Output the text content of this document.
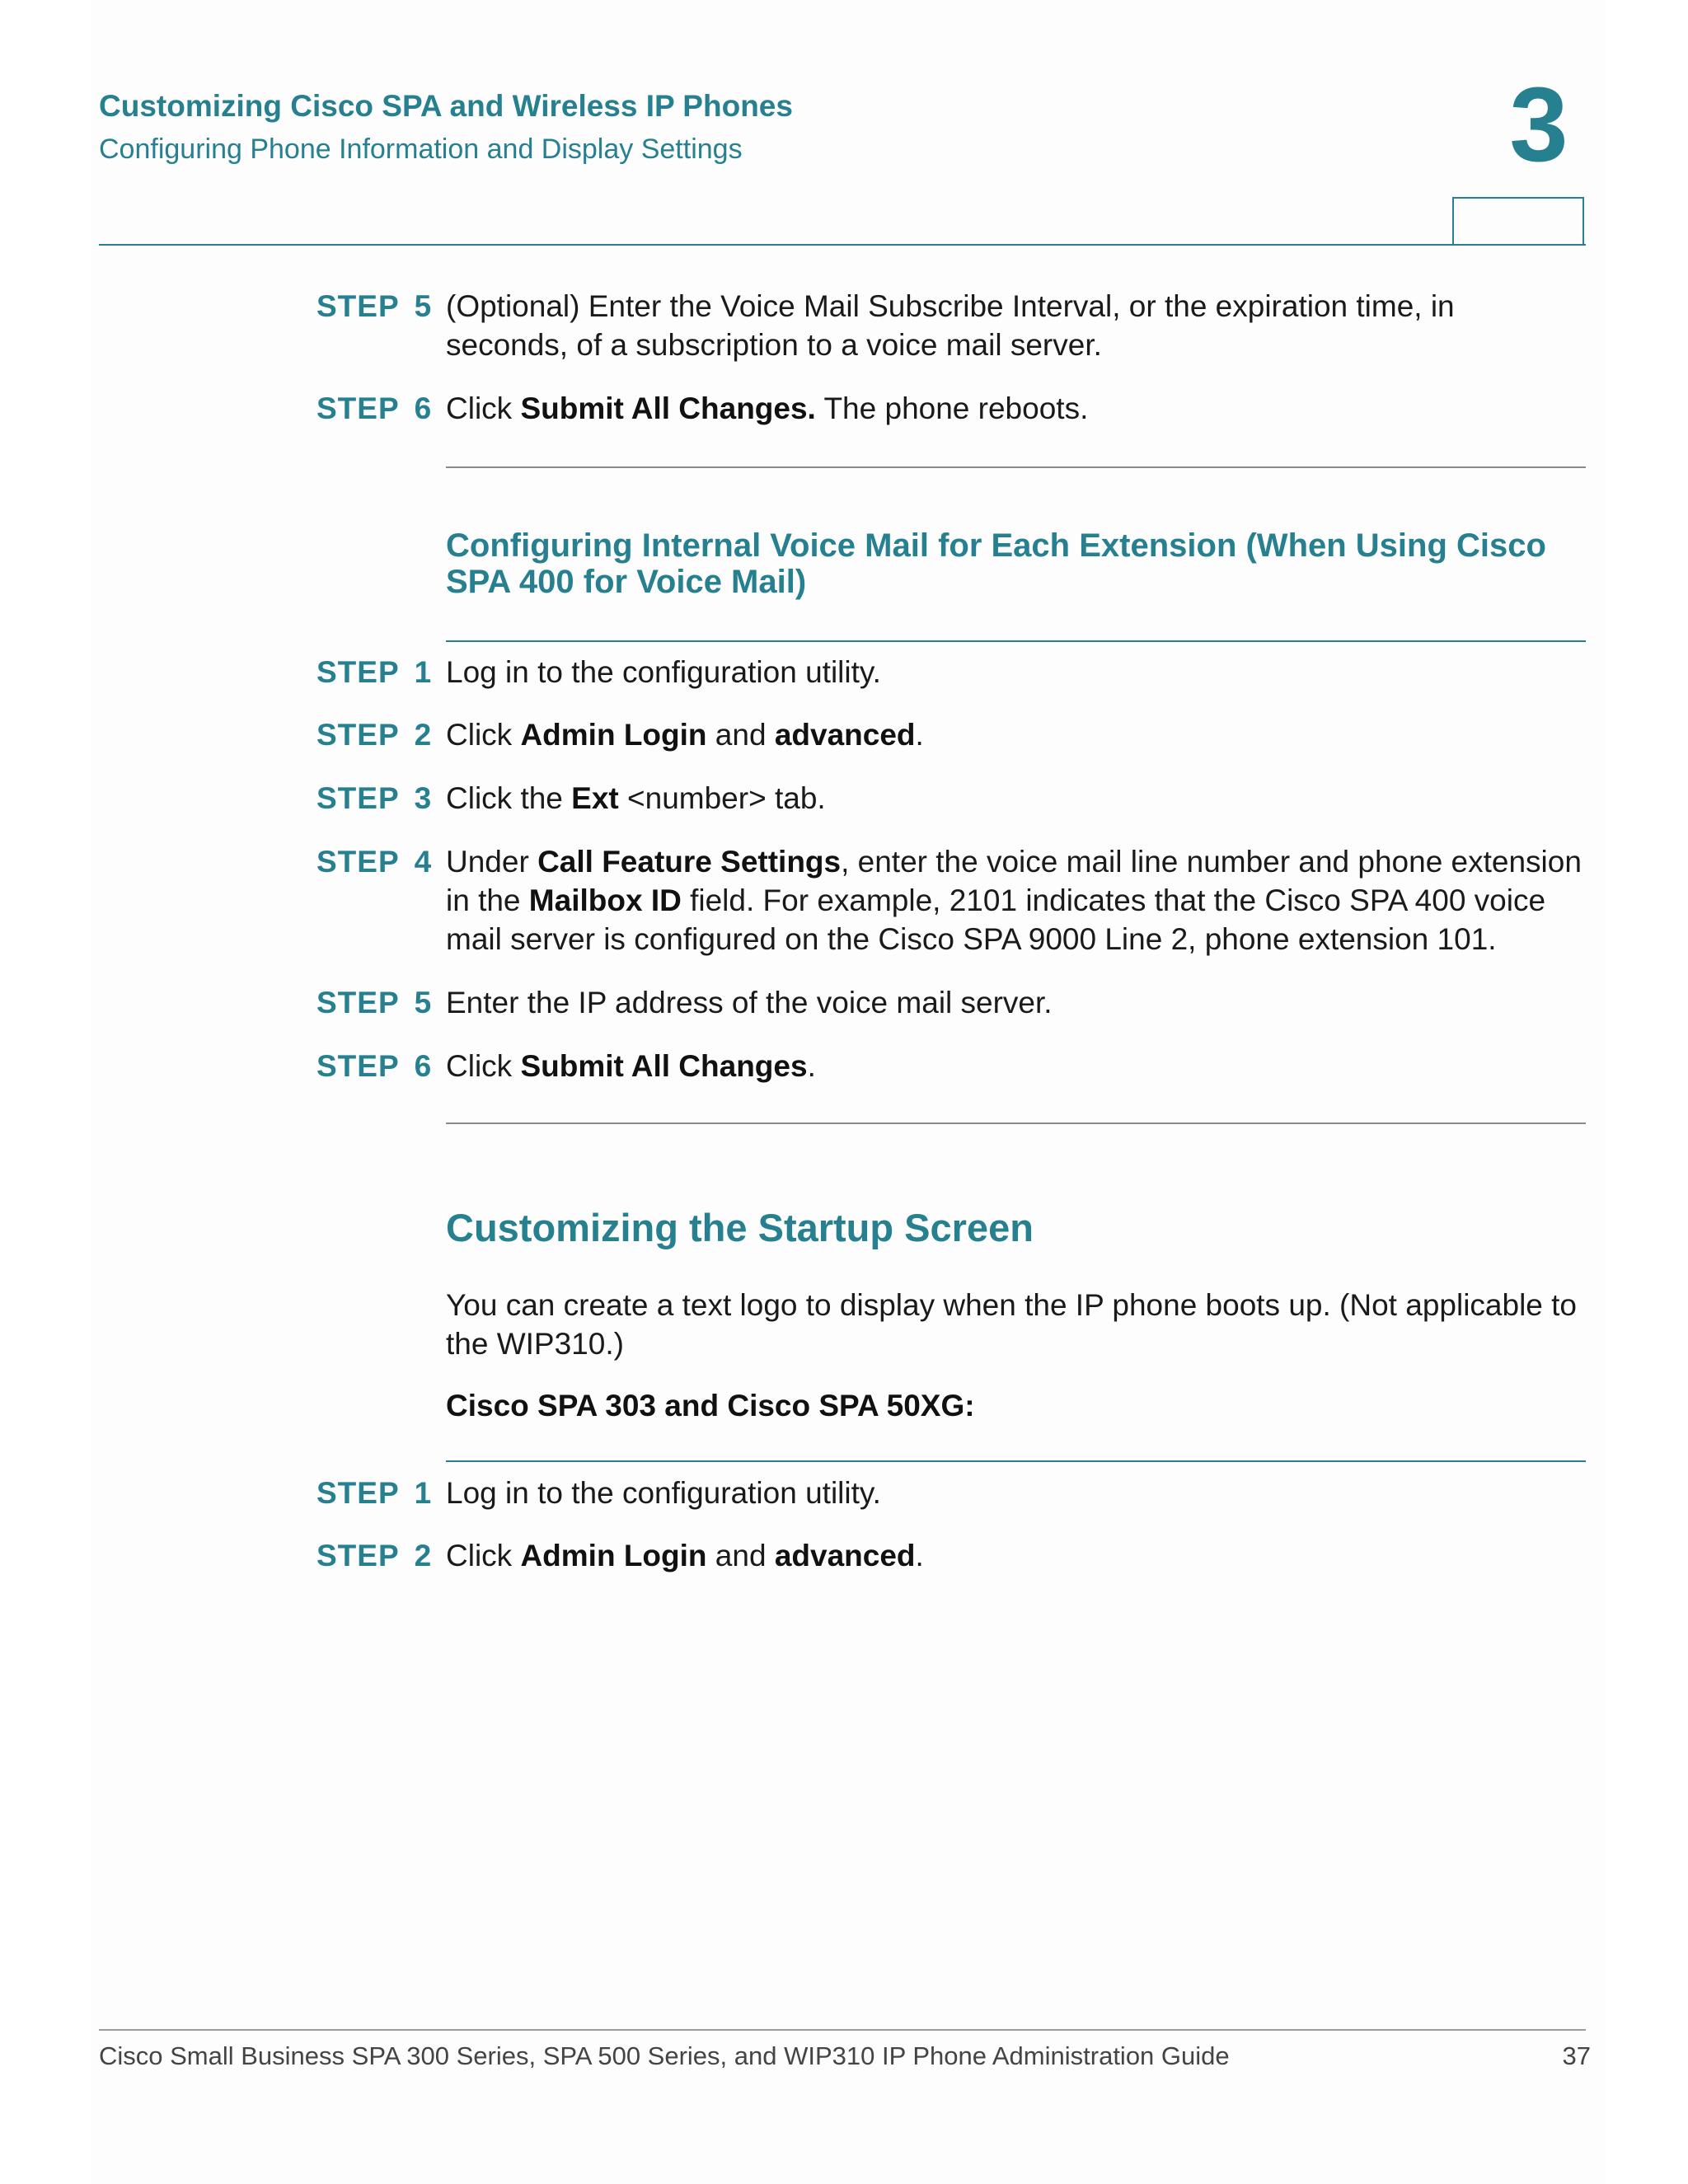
Customizing Cisco SPA and Wireless IP Phones
Configuring Phone Information and Display Settings	3
STEP 5 (Optional) Enter the Voice Mail Subscribe Interval, or the expiration time, in seconds, of a subscription to a voice mail server.
STEP 6 Click Submit All Changes. The phone reboots.
Configuring Internal Voice Mail for Each Extension (When Using Cisco SPA 400 for Voice Mail)
STEP 1 Log in to the configuration utility.
STEP 2 Click Admin Login and advanced.
STEP 3 Click the Ext <number> tab.
STEP 4 Under Call Feature Settings, enter the voice mail line number and phone extension in the Mailbox ID field. For example, 2101 indicates that the Cisco SPA 400 voice mail server is configured on the Cisco SPA 9000 Line 2, phone extension 101.
STEP 5 Enter the IP address of the voice mail server.
STEP 6 Click Submit All Changes.
Customizing the Startup Screen
You can create a text logo to display when the IP phone boots up. (Not applicable to the WIP310.)
Cisco SPA 303 and Cisco SPA 50XG:
STEP 1 Log in to the configuration utility.
STEP 2 Click Admin Login and advanced.
Cisco Small Business SPA 300 Series, SPA 500 Series, and WIP310 IP Phone Administration Guide	37
